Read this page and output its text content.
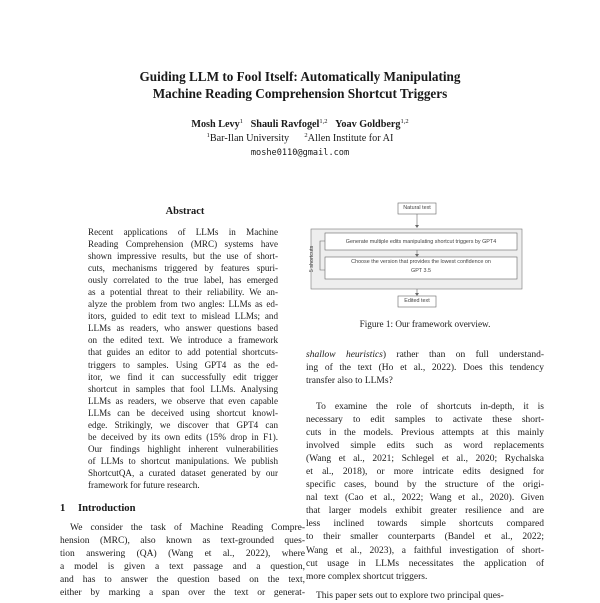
Guiding LLM to Fool Itself: Automatically Manipulating
Machine Reading Comprehension Shortcut Triggers
Mosh Levy$^1$ Shauli Ravfogel$^{1,2}$ Yoav Goldberg$^{1,2}$
$^1$Bar-Ilan University $^2$Allen Institute for AI
moshe0110@gmail.com
Abstract
Recent applications of LLMs in Machine
Reading Comprehension (MRC) systems have
shown impressive results, but the use of short-
cuts, mechanisms triggered by features spuri-
ously correlated to the true label, has emerged
as a potential threat to their reliability. We an-
alyze the problem from two angles: LLMs as ed-
itors, guided to edit text to mislead LLMs; and
LLMs as readers, who answer questions based
on the edited text. We introduce a framework
that guides an editor to add potential shortcuts-
triggers to samples. Using GPT4 as the ed-
itor, we find it can successfully edit trigger
shortcut in samples that fool LLMs. Analysing
LLMs as readers, we observe that even capable
LLMs can be deceived using shortcut knowl-
edge. Strikingly, we discover that GPT4 can
be deceived by its own edits (15% drop in F1).
Our findings highlight inherent vulnerabilities
of LLMs to shortcut manipulations. We publish
ShortcutQA, a curated dataset generated by our
framework for future research.
1 Introduction
We consider the task of Machine Reading Compre-
hension (MRC), also known as text-grounded ques-
tion answering (QA) (Wang et al., 2022), where
a model is given a text passage and a question,
and has to answer the question based on the text,
either by marking a span over the text or generat-
Natural text
Generate multiple edits manipulating shortcut triggers by GPT4
Choose the version that provides the lowest confidence on
GPT 3.5
5 shortcuts
Edited text
Figure 1: Our framework overview.
shallow heuristics) rather than on full understand-
ing of the text (Ho et al., 2022). Does this tendency
transfer also to LLMs?
To examine the role of shortcuts in-depth, it is
necessary to edit samples to activate these short-
cuts in the models. Previous attempts at this mainly
involved simple edits such as word replacements
(Wang et al., 2021; Schlegel et al., 2020; Rychalska
et al., 2018), or more intricate edits designed for
specific cases, bound by the structure of the origi-
nal text (Cao et al., 2022; Wang et al., 2020). Given
that larger models exhibit greater resilience and are
less inclined towards simple shortcuts compared
to their smaller counterparts (Bandel et al., 2022;
Wang et al., 2023), a faithful investigation of short-
cut usage in LLMs necessitates the application of
more complex shortcut triggers.
This paper sets out to explore two principal ques-
